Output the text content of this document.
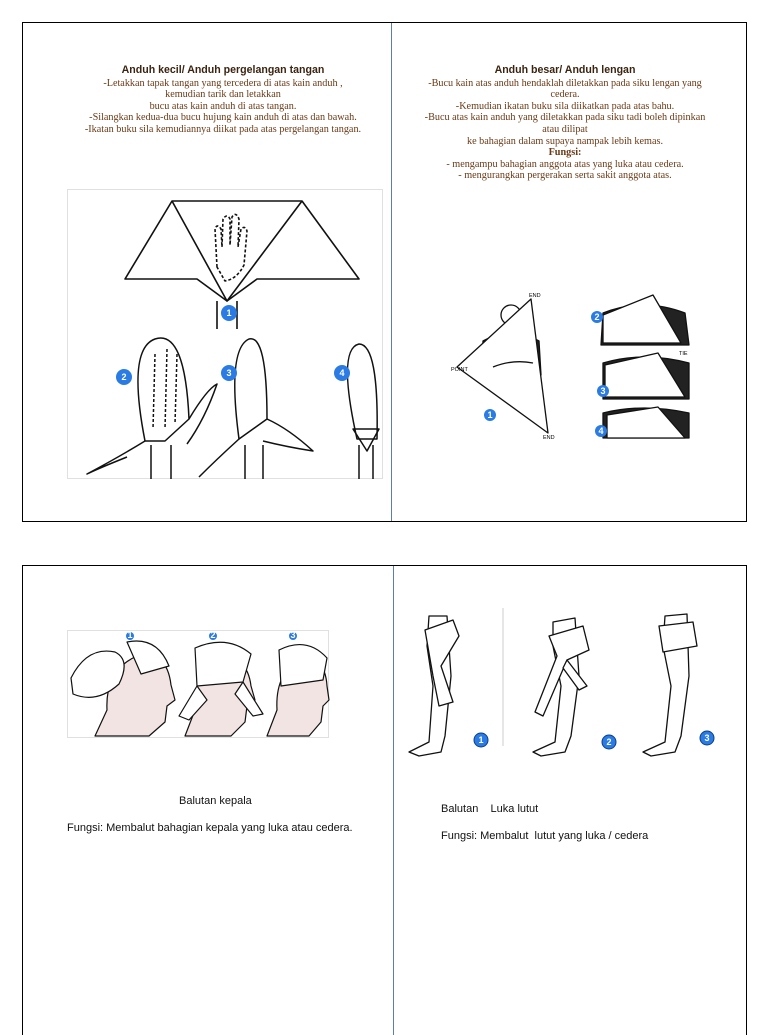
Anduh kecil/ Anduh pergelangan tangan

-Letakkan tapak tangan yang tercedera di atas kain anduh ,

kemudian tarik dan letakkan

bucu atas kain anduh di atas tangan.

-Silangkan kedua-dua bucu hujung kain anduh di atas dan bawah.

-Ikatan buku sila kemudiannya diikat pada atas pergelangan tangan.

Anduh besar/ Anduh lengan

-Bucu kain atas anduh hendaklah diletakkan pada siku lengan yang

cedera.

-Kemudian ikatan buku sila diikatkan pada atas bahu.

-Bucu atas kain anduh yang diletakkan pada siku tadi boleh dipinkan

atau dilipat

ke bahagian dalam supaya nampak lebih kemas.

Fungsi:

- mengampu bahagian anggota atas yang luka atau cedera.

- mengurangkan pergerakan serta sakit anggota atas.

1
2	3	4
END
POINT
END
1
TIE
2
3
4
1	2	3
1	2	3
Balutan kepala
Fungsi: Membalut bahagian kepala yang luka atau cedera.
Balutan    Luka lutut
Fungsi: Membalut  lutut yang luka / cedera
